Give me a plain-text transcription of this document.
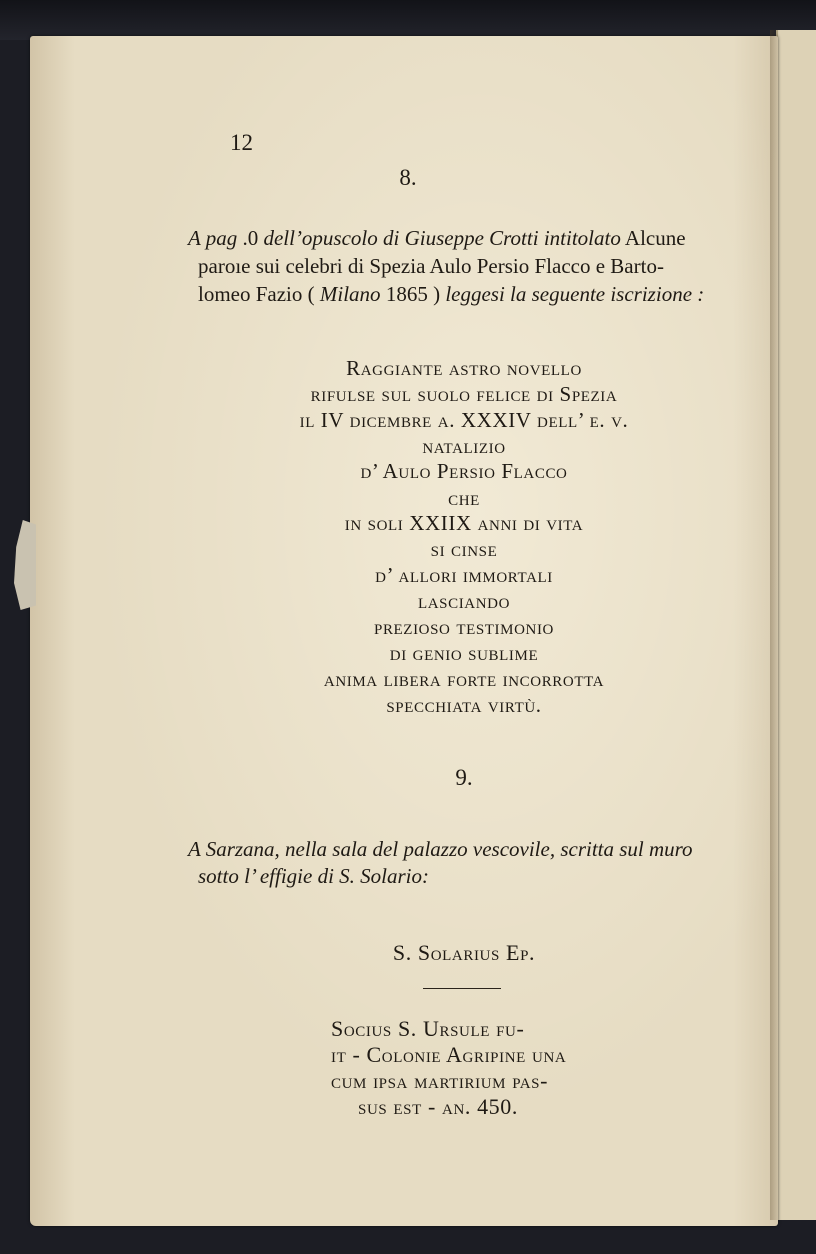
12
8.
A pag .0 dell’opuscolo di Giuseppe Crotti intitolato Alcune
paroıe sui celebri di Spezia Aulo Persio Flacco e Barto-
lomeo Fazio ( Milano 1865 ) leggesi la seguente iscrizione :
Raggiante astro novello
rifulse sul suolo felice di Spezia
il IV dicembre a. XXXIV dell’ e. v.
natalizio
d’ Aulo Persio Flacco
che
in soli XXIIX anni di vita
si cinse
d’ allori immortali
lasciando
prezioso testimonio
di genio sublime
anima libera forte incorrotta
specchiata virtù.
9.
A Sarzana, nella sala del palazzo vescovile, scritta sul muro
sotto l’ effigie di S. Solario:
S. Solarius Ep.
Socius S. Ursule fu-
it - Colonie Agripine una
cum ipsa martirium pas-
sus est - an. 450.
